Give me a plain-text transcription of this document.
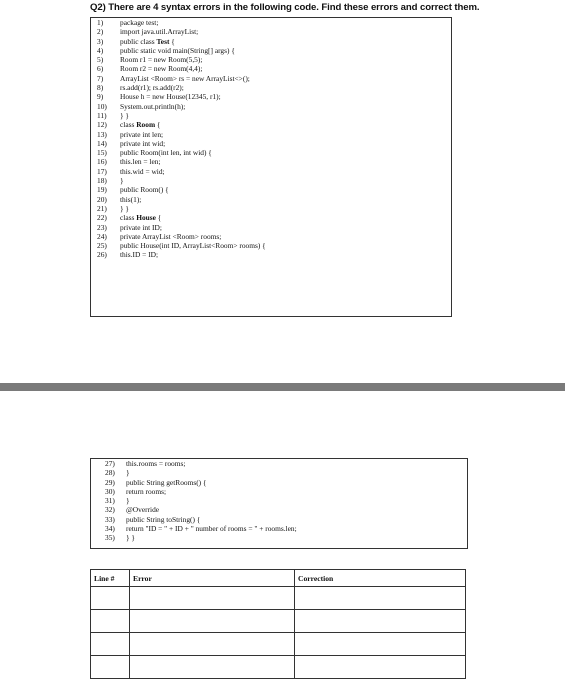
Q2) There are 4 syntax errors in the following code. Find these errors and correct them.
1)	package test;
2)	import java.util.ArrayList;
3)	public class Test {
4)	public static void main(String[] args) {
5)	Room r1 = new Room(5,5);
6)	Room r2 = new Room(4,4);
7)	ArrayList <Room> rs = new ArrayList<>();
8)	rs.add(r1); rs.add(r2);
9)	House h = new House(12345, r1);
10)	System.out.println(h);
11)	} }
12)	class Room {
13)	private int len;
14)	private int wid;
15)	public Room(int len, int wid) {
16)	this.len = len;
17)	this.wid = wid;
18)	}
19)	public Room() {
20)	this(1);
21)	} }
22)	class House {
23)	private int ID;
24)	private ArrayList <Room> rooms;
25)	public House(int ID, ArrayList<Room> rooms) {
26)	this.ID = ID;
27)	this.rooms = rooms;
28)	}
29)	public String getRooms() {
30)	return rooms;
31)	}
32)	@Override
33)	public String toString() {
34)	return "ID = " + ID + " number of rooms = " + rooms.len;
35)	} }
Line #	Error	Correction
